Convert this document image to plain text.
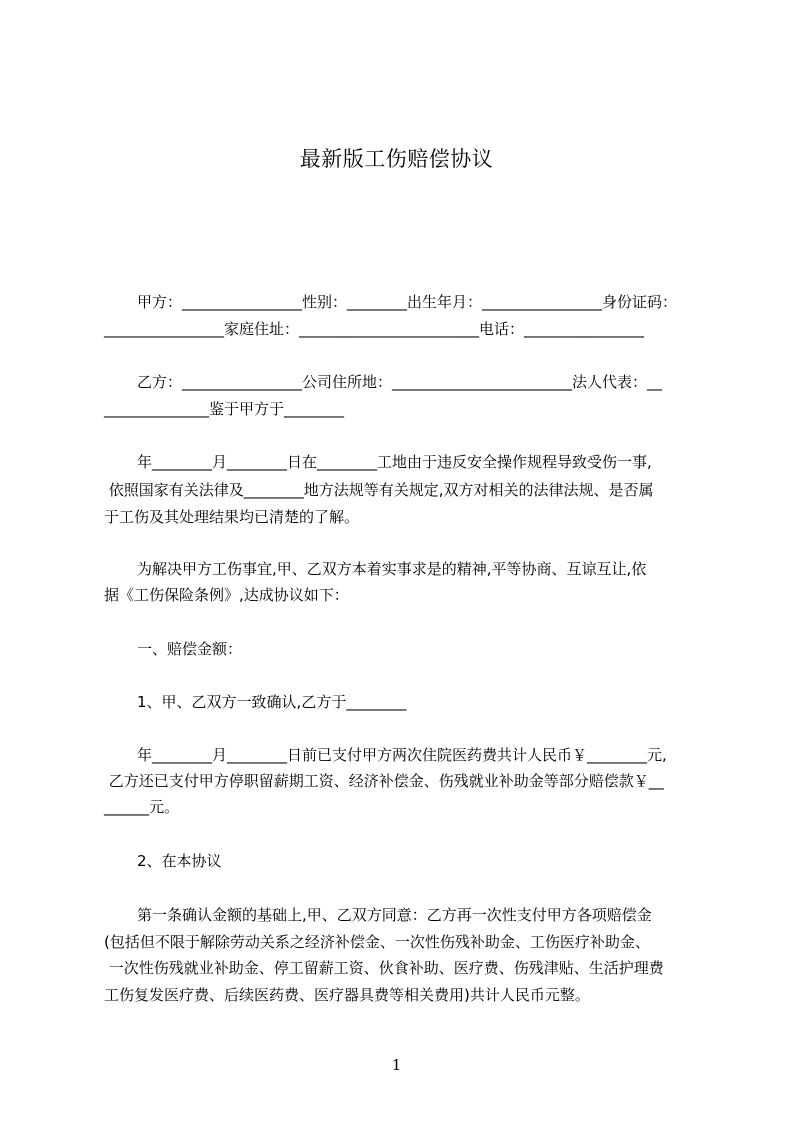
最新版工伤赔偿协议
甲方：________________性别：________出生年月：________________身份证码：
________________家庭住址：________________________电话：________________
乙方：________________公司住所地：________________________法人代表：__
______________鉴于甲方于________
年________月________日在________工地由于违反安全操作规程导致受伤一事,
依照国家有关法律及________地方法规等有关规定,双方对相关的法律法规、是否属
于工伤及其处理结果均已清楚的了解。
为解决甲方工伤事宜,甲、乙双方本着实事求是的精神,平等协商、互谅互让,依
据《工伤保险条例》,达成协议如下：
一、赔偿金额：
1、甲、乙双方一致确认,乙方于________
年________月________日前已支付甲方两次住院医药费共计人民币￥________元,
乙方还已支付甲方停职留薪期工资、经济补偿金、伤残就业补助金等部分赔偿款￥__
______元。
2、在本协议
第一条确认金额的基础上,甲、乙双方同意：乙方再一次性支付甲方各项赔偿金
(包括但不限于解除劳动关系之经济补偿金、一次性伤残补助金、工伤医疗补助金、
一次性伤残就业补助金、停工留薪工资、伙食补助、医疗费、伤残津贴、生活护理费
工伤复发医疗费、后续医药费、医疗器具费等相关费用)共计人民币元整。
1
